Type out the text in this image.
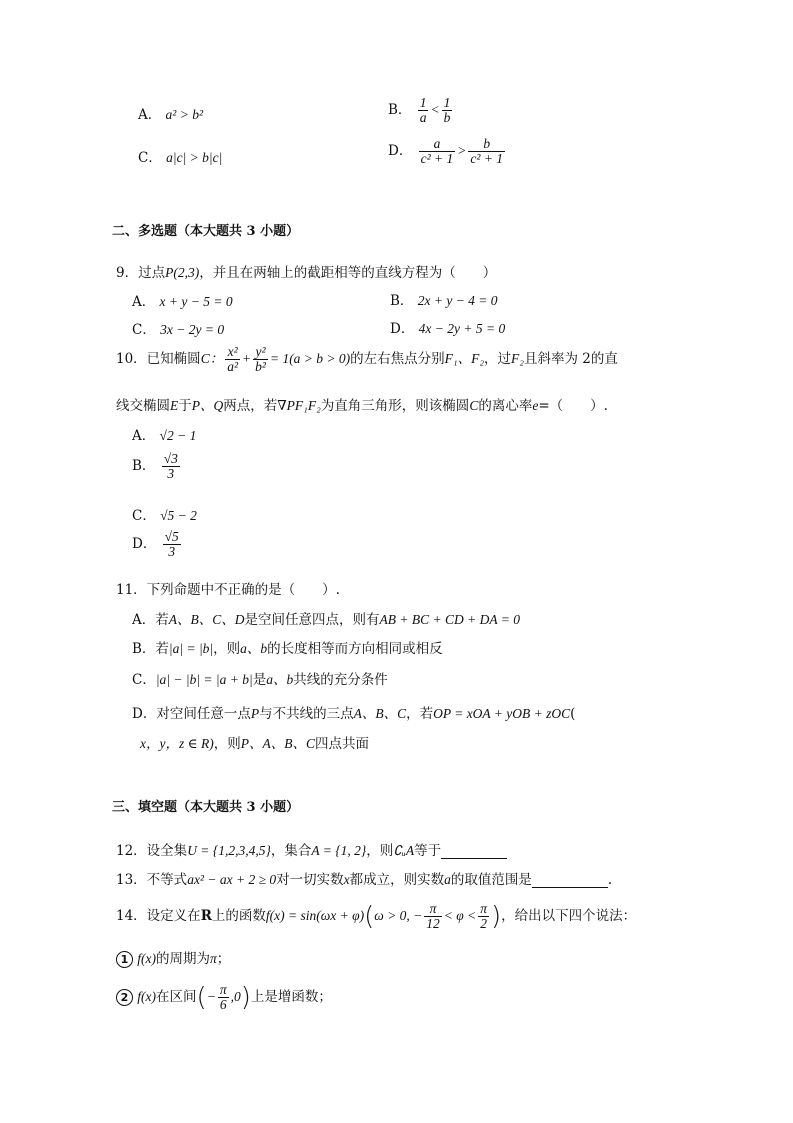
A． a² > b²	B． $\frac{1}{a} < \frac{1}{b}$
C． a|c| > b|c|	D． $\frac{a}{\text{c² + 1}} > \frac{b}{\text{c² + 1}}$
二、多选题（本大题共 3 小题）
9．过点P(2,3)，并且在两轴上的截距相等的直线方程为（　　）
A． x + y − 5 = 0	B． 2x + y − 4 = 0
C． 3x − 2y = 0	D． 4x − 2y + 5 = 0
10．已知椭圆C： $\frac{\text{x²}}{\text{a²}} + \frac{\text{y²}}{\text{b²}} = 1(a > b > 0)$的左右焦点分别F₁、F₂，过F₂且斜率为 2的直
线交椭圆E于P、Q两点，若∇PF₁F₂为直角三角形，则该椭圆C的离心率e=（　　）.
A． √2 − 1
B． $\frac{√3}{3}$
C． √5 − 2
D． $\frac{√5}{3}$
11．下列命题中不正确的是（　　）.
A．若A、B、C、D是空间任意四点，则有AB + BC + CD + DA = 0
B．若|a| = |b|，则a、b的长度相等而方向相同或相反
C．|a| − |b| = |a + b|是a、b共线的充分条件
D．对空间任意一点P与不共线的三点A、B、C，若OP = xOA + yOB + zOC(
x，y，z ∈ R)，则P、A、B、C四点共面
三、填空题（本大题共 3 小题）
12．设全集U = {1,2,3,4,5}，集合A = {1, 2}，则∁ᵤA等于
13．不等式ax² − ax + 2 ≥ 0对一切实数x都成立，则实数a的取值范围是	.
14．设定义在R上的函数f(x) = sin(ωx + φ)(ω > 0, − $\frac{\pi}{12} < \varphi < \frac{\pi}{2}$ )，给出以下四个说法：
1 f(x)的周期为π；
2 f(x)在区间(− $\frac{\pi}{6} ,0$)上是增函数；
